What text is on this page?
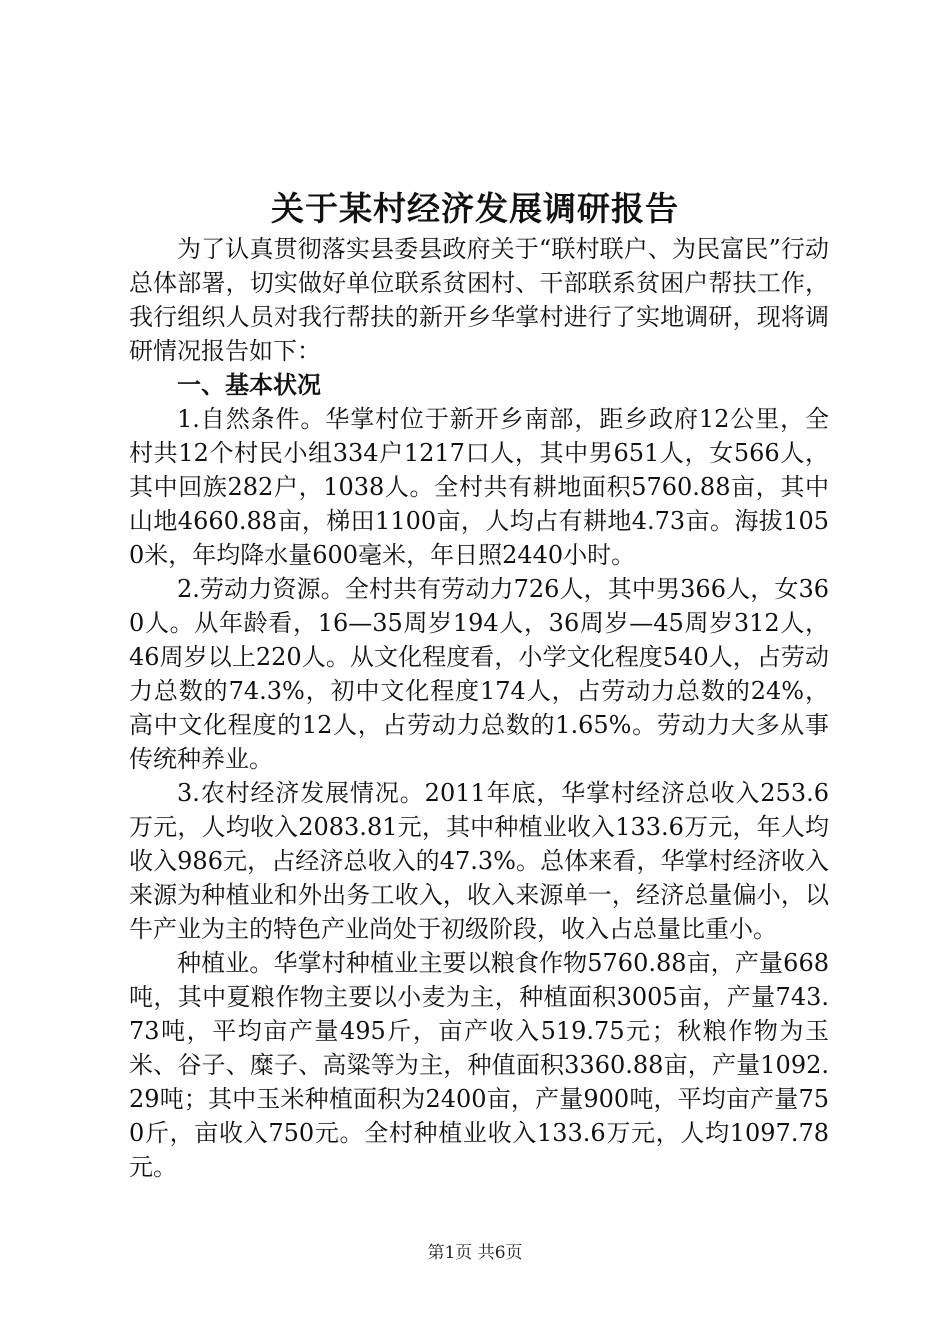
关于某村经济发展调研报告

为了认真贯彻落实县委县政府关于“联村联户、为民富民”行动总体部署，切实做好单位联系贫困村、干部联系贫困户帮扶工作，我行组织人员对我行帮扶的新开乡华掌村进行了实地调研，现将调研情况报告如下：

一、基本状况

1.自然条件。华掌村位于新开乡南部，距乡政府12公里，全村共12个村民小组334户1217口人，其中男651人，女566人，其中回族282户，1038人。全村共有耕地面积5760.88亩，其中山地4660.88亩，梯田1100亩，人均占有耕地4.73亩。海拔1050米，年均降水量600毫米，年日照2440小时。

2.劳动力资源。全村共有劳动力726人，其中男366人，女360人。从年龄看，16—35周岁194人，36周岁—45周岁312人，46周岁以上220人。从文化程度看，小学文化程度540人，占劳动力总数的74.3%，初中文化程度174人，占劳动力总数的24%，高中文化程度的12人，占劳动力总数的1.65%。劳动力大多从事传统种养业。

3.农村经济发展情况。2011年底，华掌村经济总收入253.6万元，人均收入2083.81元，其中种植业收入133.6万元，年人均收入986元，占经济总收入的47.3%。总体来看，华掌村经济收入来源为种植业和外出务工收入，收入来源单一，经济总量偏小，以牛产业为主的特色产业尚处于初级阶段，收入占总量比重小。

种植业。华掌村种植业主要以粮食作物5760.88亩，产量668吨，其中夏粮作物主要以小麦为主，种植面积3005亩，产量743.73吨，平均亩产量495斤，亩产收入519.75元；秋粮作物为玉米、谷子、糜子、高粱等为主，种值面积3360.88亩，产量1092.29吨；其中玉米种植面积为2400亩，产量900吨，平均亩产量750斤，亩收入750元。全村种植业收入133.6万元，人均1097.78元。

第1页 共6页
